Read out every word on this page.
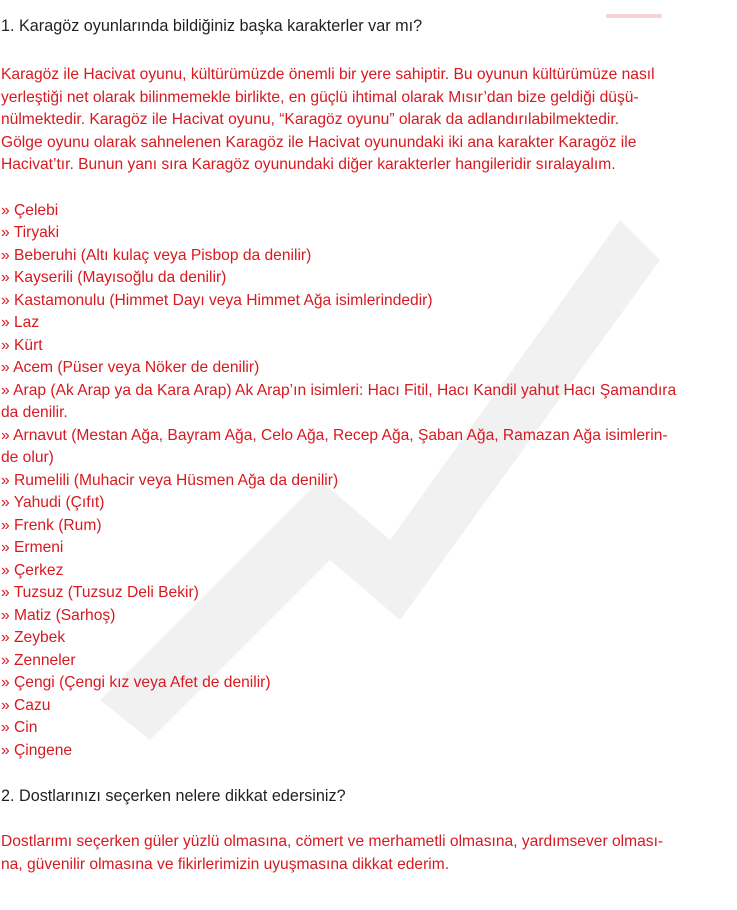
1. Karagöz oyunlarında bildiğiniz başka karakterler var mı?

Karagöz ile Hacivat oyunu, kültürümüzde önemli bir yere sahiptir. Bu oyunun kültürümüze nasıl
yerleştiği net olarak bilinmemekle birlikte, en güçlü ihtimal olarak Mısır’dan bize geldiği düşü-
nülmektedir. Karagöz ile Hacivat oyunu, “Karagöz oyunu” olarak da adlandırılabilmektedir.
Gölge oyunu olarak sahnelenen Karagöz ile Hacivat oyunundaki iki ana karakter Karagöz ile
Hacivat’tır. Bunun yanı sıra Karagöz oyunundaki diğer karakterler hangileridir sıralayalım.

» Çelebi
» Tiryaki
» Beberuhi (Altı kulaç veya Pisbop da denilir)
» Kayserili (Mayısoğlu da denilir)
» Kastamonulu (Himmet Dayı veya Himmet Ağa isimlerindedir)
» Laz
» Kürt
» Acem (Püser veya Nöker de denilir)
» Arap (Ak Arap ya da Kara Arap) Ak Arap’ın isimleri: Hacı Fitil, Hacı Kandil yahut Hacı Şamandıra
da denilir.
» Arnavut (Mestan Ağa, Bayram Ağa, Celo Ağa, Recep Ağa, Şaban Ağa, Ramazan Ağa isimlerin-
de olur)
» Rumelili (Muhacir veya Hüsmen Ağa da denilir)
» Yahudi (Çıfıt)
» Frenk (Rum)
» Ermeni
» Çerkez
» Tuzsuz (Tuzsuz Deli Bekir)
» Matiz (Sarhoş)
» Zeybek
» Zenneler
» Çengi (Çengi kız veya Afet de denilir)
» Cazu
» Cin
» Çingene

2. Dostlarınızı seçerken nelere dikkat edersiniz?

Dostlarımı seçerken güler yüzlü olmasına, cömert ve merhametli olmasına, yardımsever olması-
na, güvenilir olmasına ve fikirlerimizin uyuşmasına dikkat ederim.
